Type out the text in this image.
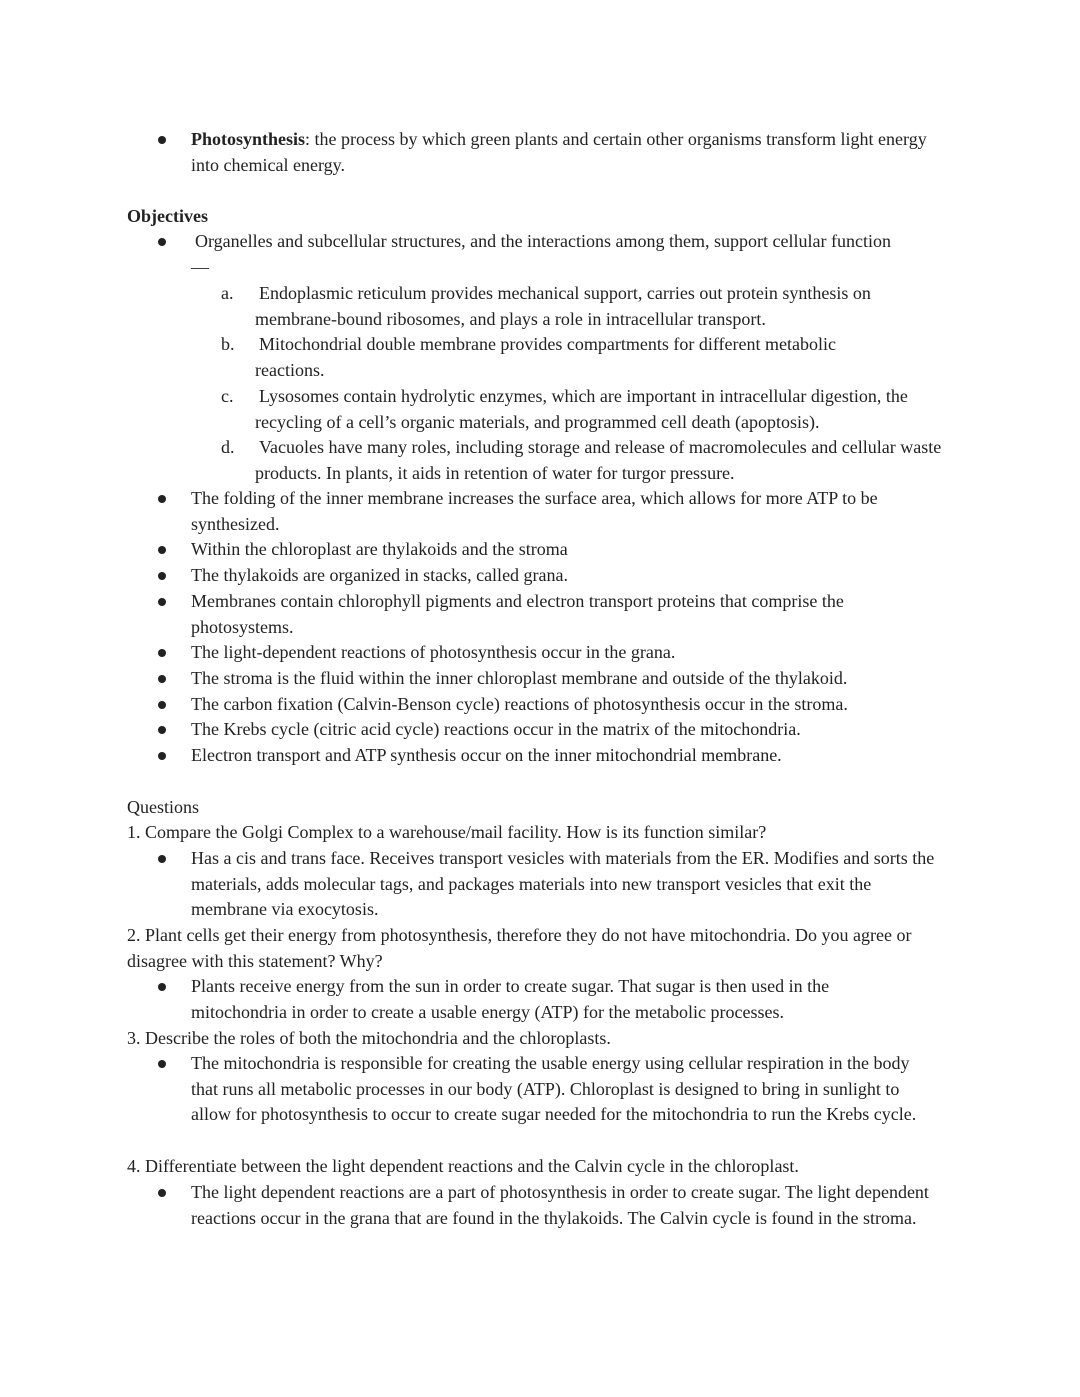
Photosynthesis: the process by which green plants and certain other organisms transform light energy into chemical energy.

Objectives

Organelles and subcellular structures, and the interactions among them, support cellular function—
a.	Endoplasmic reticulum provides mechanical support, carries out protein synthesis on membrane-bound ribosomes, and plays a role in intracellular transport.
b.	Mitochondrial double membrane provides compartments for different metabolic reactions.
c.	Lysosomes contain hydrolytic enzymes, which are important in intracellular digestion, the recycling of a cell’s organic materials, and programmed cell death (apoptosis).
d.	Vacuoles have many roles, including storage and release of macromolecules and cellular waste products. In plants, it aids in retention of water for turgor pressure.
The folding of the inner membrane increases the surface area, which allows for more ATP to be synthesized.
Within the chloroplast are thylakoids and the stroma
The thylakoids are organized in stacks, called grana.
Membranes contain chlorophyll pigments and electron transport proteins that comprise the photosystems.
The light-dependent reactions of photosynthesis occur in the grana.
The stroma is the fluid within the inner chloroplast membrane and outside of the thylakoid.
The carbon fixation (Calvin-Benson cycle) reactions of photosynthesis occur in the stroma.
The Krebs cycle (citric acid cycle) reactions occur in the matrix of the mitochondria.
Electron transport and ATP synthesis occur on the inner mitochondrial membrane.

Questions

1. Compare the Golgi Complex to a warehouse/mail facility. How is its function similar?

Has a cis and trans face. Receives transport vesicles with materials from the ER. Modifies and sorts the materials, adds molecular tags, and packages materials into new transport vesicles that exit the membrane via exocytosis.

2. Plant cells get their energy from photosynthesis, therefore they do not have mitochondria. Do you agree or disagree with this statement? Why?

Plants receive energy from the sun in order to create sugar. That sugar is then used in the mitochondria in order to create a usable energy (ATP) for the metabolic processes.

3. Describe the roles of both the mitochondria and the chloroplasts.

The mitochondria is responsible for creating the usable energy using cellular respiration in the body that runs all metabolic processes in our body (ATP). Chloroplast is designed to bring in sunlight to allow for photosynthesis to occur to create sugar needed for the mitochondria to run the Krebs cycle.

4. Differentiate between the light dependent reactions and the Calvin cycle in the chloroplast.

The light dependent reactions are a part of photosynthesis in order to create sugar. The light dependent reactions occur in the grana that are found in the thylakoids. The Calvin cycle is found in the stroma.
